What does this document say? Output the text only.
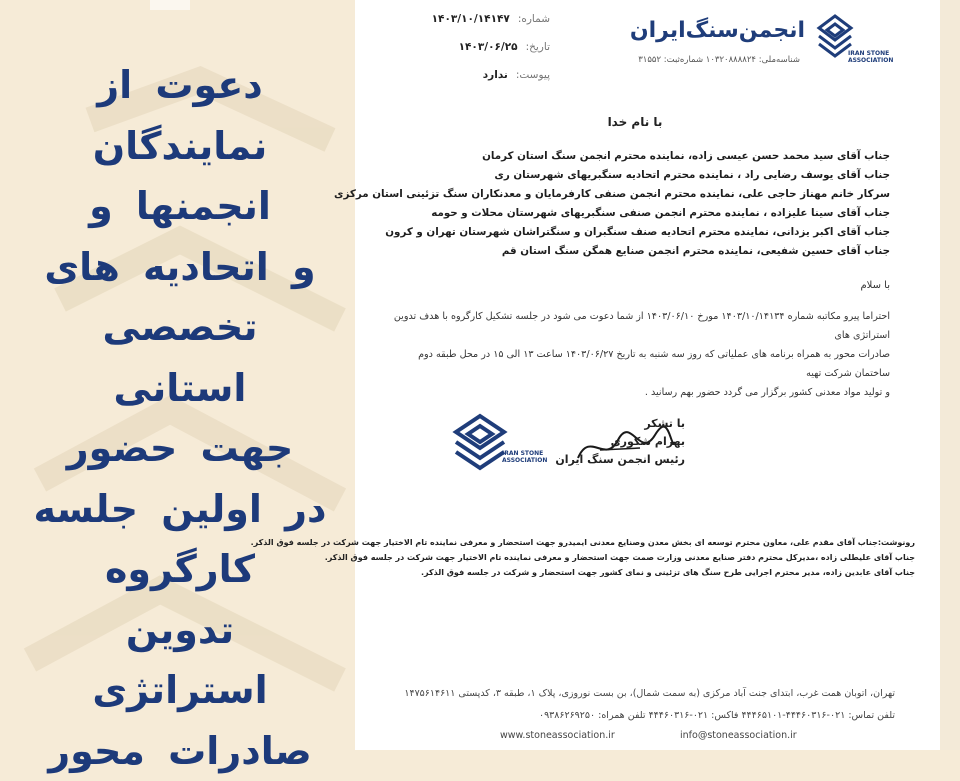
دعوت از
نمایندگان
انجمنها و
و اتحادیه های
تخصصی استانی
جهت حضور
در اولین جلسه
کارگروه
تدوین استراتژی
صادرات محور
شماره:۱۴۰۳/۱۰/۱۴۱۴۷
تاریخ:۱۴۰۳/۰۶/۲۵
پیوست:ندارد
انجمن‌سنگ‌ایران
شناسه‌ملی: ۱۰۳۲۰۸۸۸۸۲۴ شماره‌ثبت: ۳۱۵۵۲
IRAN STONE ASSOCIATION
با نام خدا
جناب آقای سید محمد حسن عیسی زاده، نماینده محترم انجمن سنگ استان کرمان
جناب آقای یوسف رضایی راد ، نماینده محترم اتحادیه سنگبریهای شهرستان ری
سرکار خانم مهناز حاجی علی، نماینده محترم انجمن صنفی کارفرمایان و معدنکاران سنگ تزئینی استان مرکزی
جناب آقای سینا علیزاده ، نماینده محترم انجمن صنفی سنگبریهای شهرستان محلات و حومه
جناب آقای اکبر یزدانی، نماینده محترم اتحادیه صنف سنگبران و سنگتراشان شهرستان تهران و کرون
جناب آقای حسین شفیعی، نماینده محترم انجمن صنایع همگن سنگ استان قم
با سلام
احتراما پیرو مکاتبه شماره ۱۴۰۳/۱۰/۱۴۱۳۴ مورخ ۱۴۰۳/۰۶/۱۰ از شما دعوت می شود در جلسه تشکیل کارگروه با هدف تدوین استراتژی های
صادرات محور به همراه برنامه های عملیاتی که روز سه شنبه به تاریخ ۱۴۰۳/۰۶/۲۷ ساعت ۱۳ الی ۱۵ در محل طبقه دوم ساختمان شرکت تهیه
و تولید مواد معدنی کشور برگزار می گردد حضور بهم رسانید .
IRAN STONE ASSOCIATION
با تشکر
بهرام شکوری
رئیس انجمن سنگ ایران
رونوشت:جناب آقای مقدم علی، معاون محترم توسعه ای بخش معدن وصنایع معدنی ایمیدرو جهت استحضار و معرفی نماینده تام الاختیار جهت شرکت در جلسه فوق الذکر.
جناب آقای علیطلی زاده ،مدیرکل محترم دفتر صنایع معدنی وزارت صمت جهت استحضار و معرفی نماینده تام الاختیار جهت شرکت در جلسه فوق الذکر.
جناب آقای عابدین زاده، مدیر محترم اجرایی طرح سنگ های تزئینی و نمای کشور جهت استحضار و شرکت در جلسه فوق الذکر.
تهران، اتوبان همت غرب، ابتدای جنت آباد مرکزی (به سمت شمال)، بن بست نوروزی، پلاک ۱، طبقه ۳، کدپستی ۱۴۷۵۶۱۴۶۱۱
تلفن تماس: ۰۲۱-۴۴۴۶۰۳۱۶-۴۴۴۶۵۱۰۱ فاکس: ۰۲۱-۴۴۴۶۰۳۱۶ تلفن همراه: ۰۹۳۸۶۲۶۹۲۵۰
www.stoneassociation.ir	info@stoneassociation.ir
